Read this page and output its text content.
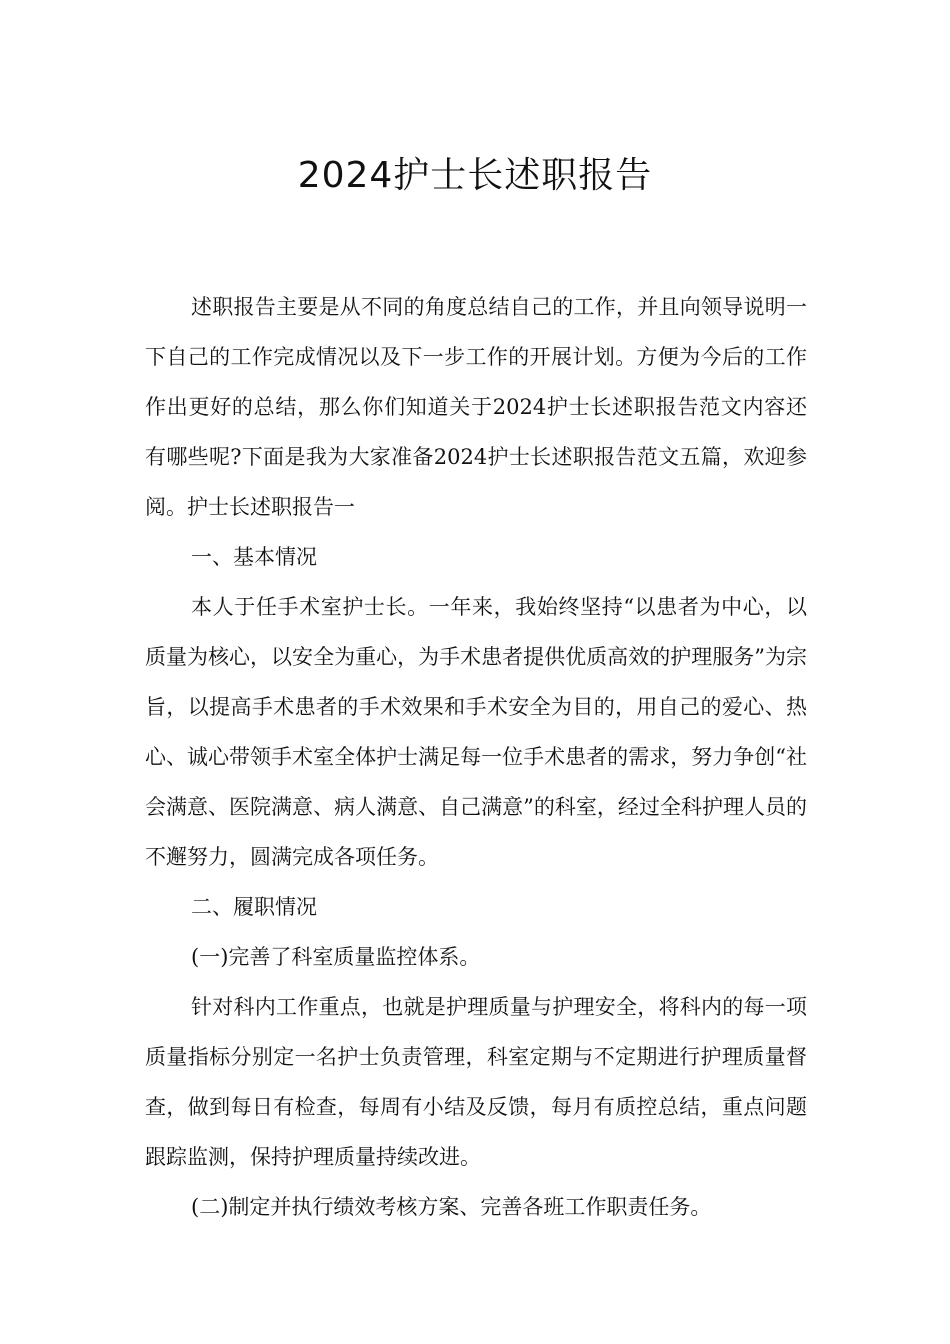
2024护士长述职报告

述职报告主要是从不同的角度总结自己的工作，并且向领导说明一下自己的工作完成情况以及下一步工作的开展计划。方便为今后的工作作出更好的总结，那么你们知道关于2024护士长述职报告范文内容还有哪些呢?下面是我为大家准备2024护士长述职报告范文五篇，欢迎参阅。护士长述职报告一

一、基本情况

本人于任手术室护士长。一年来，我始终坚持“以患者为中心，以质量为核心，以安全为重心，为手术患者提供优质高效的护理服务”为宗旨，以提高手术患者的手术效果和手术安全为目的，用自己的爱心、热心、诚心带领手术室全体护士满足每一位手术患者的需求，努力争创“社会满意、医院满意、病人满意、自己满意”的科室，经过全科护理人员的不邂努力，圆满完成各项任务。

二、履职情况

(一)完善了科室质量监控体系。

针对科内工作重点，也就是护理质量与护理安全，将科内的每一项质量指标分别定一名护士负责管理，科室定期与不定期进行护理质量督查，做到每日有检查，每周有小结及反馈，每月有质控总结，重点问题跟踪监测，保持护理质量持续改进。

(二)制定并执行绩效考核方案、完善各班工作职责任务。
